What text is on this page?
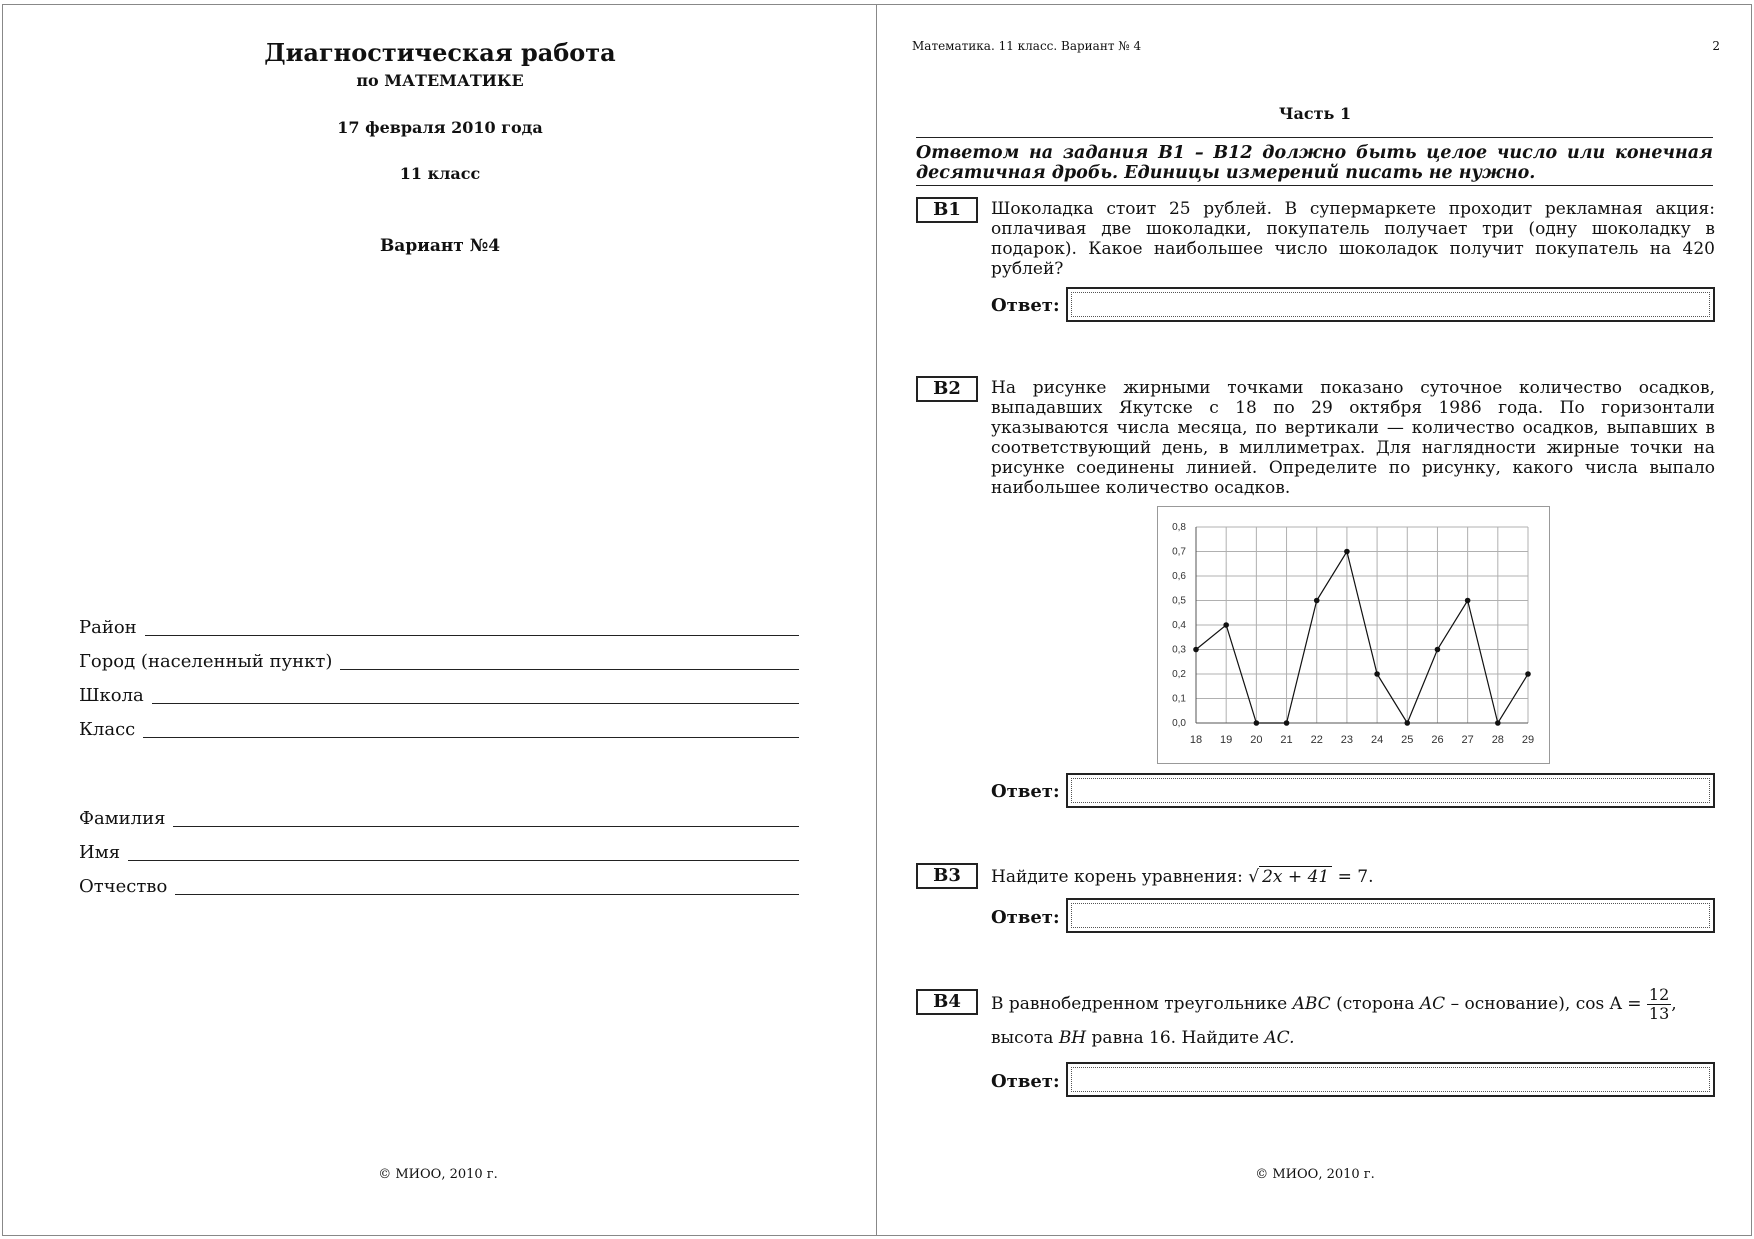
Диагностическая работа
по МАТЕМАТИКЕ
17 февраля 2010 года
11 класс
Вариант №4
Район
Город (населенный пункт)
Школа
Класс
Фамилия
Имя
Отчество
© МИОО, 2010 г.
Математика. 11 класс. Вариант № 4	2
Часть 1
Ответом на задания B1 – B12 должно быть целое число или конечная десятичная дробь. Единицы измерений писать не нужно.
B1	Шоколадка стоит 25 рублей. В супермаркете проходит рекламная акция: оплачивая две шоколадки, покупатель получает три (одну шоколадку в подарок). Какое наибольшее число шоколадок получит покупатель на 420 рублей?
Ответ:
B2	На рисунке жирными точками показано суточное количество осадков, выпадавших Якутске с 18 по 29 октября 1986 года. По горизонтали указываются числа месяца, по вертикали — количество осадков, выпавших в соответствующий день, в миллиметрах. Для наглядности жирные точки на рисунке соединены линией. Определите по рисунку, какого числа выпало наибольшее количество осадков.
0,0
0,1
0,2
0,3
0,4
0,5
0,6
0,7
0,8
18 19 20 21 22 23 24 25 26 27 28 29
Ответ:
B3	Найдите корень уравнения: √ 2x + 41 = 7.
Ответ:
B4	В равнобедренном треугольнике ABC (сторона AC – основание), $\cos A = \frac{12}{13}$ ,
высота BH равна 16. Найдите AC.
Ответ:
© МИОО, 2010 г.
